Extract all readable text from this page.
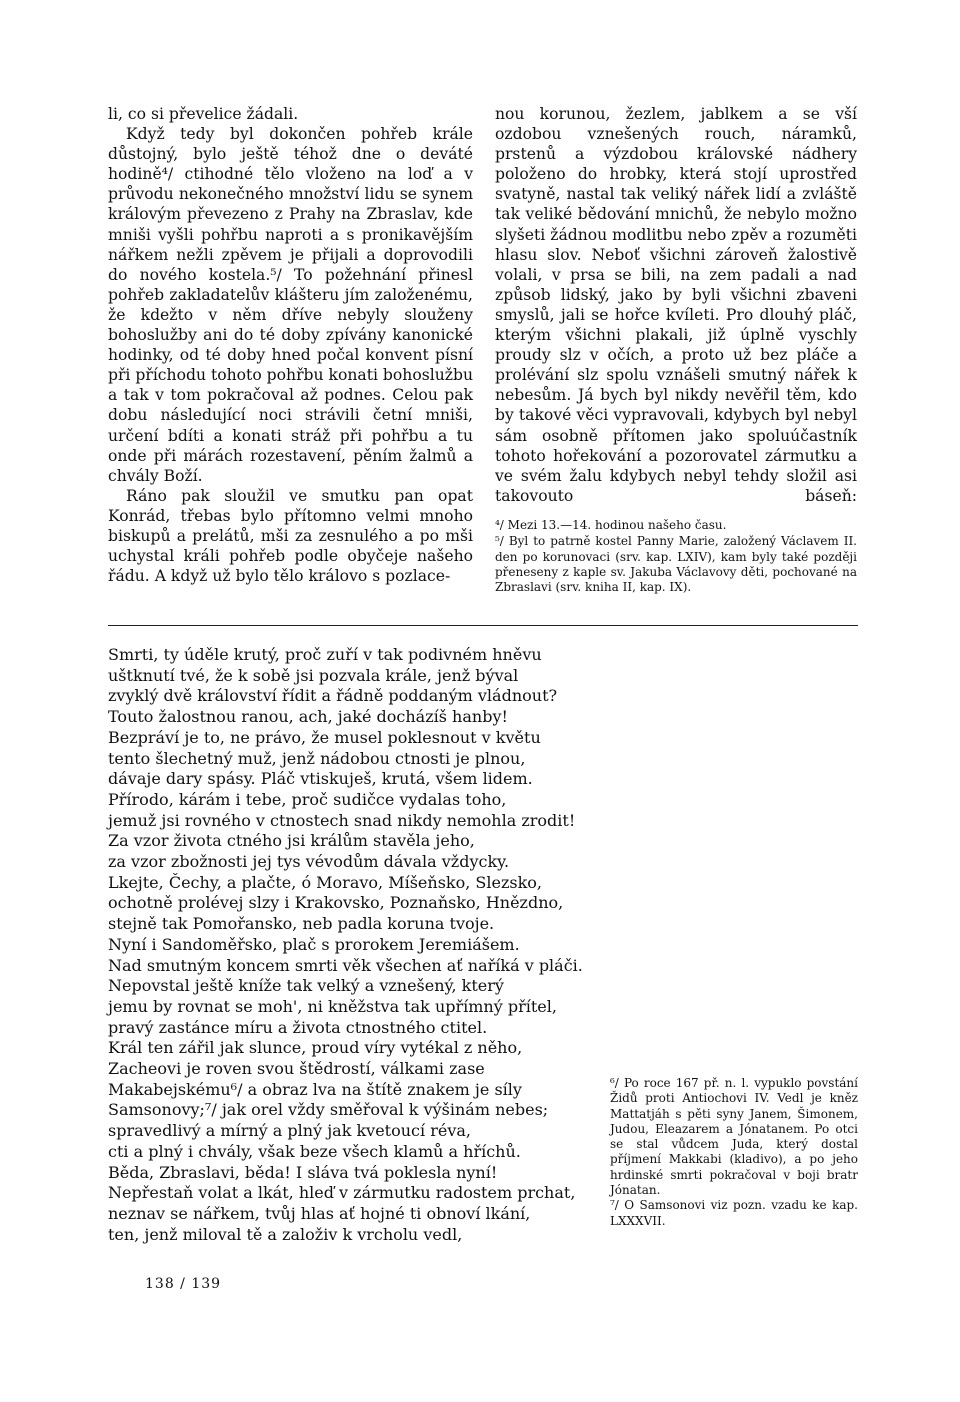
li, co si převelice žádali.

Když tedy byl dokončen pohřeb krále důstojný, bylo ještě téhož dne o deváté hodině⁴/ ctihodné tělo vloženo na loď a v průvodu nekonečného množství lidu se synem královým převezeno z Prahy na Zbraslav, kde mniši vyšli pohřbu naproti a s pronikavějším nářkem nežli zpěvem je přijali a doprovodili do nového kostela.⁵/ To požehnání přinesl pohřeb zakladatelův klášteru jím založenému, že kdežto v něm dříve nebyly slouženy bohoslužby ani do té doby zpívány kanonické hodinky, od té doby hned počal konvent písní při příchodu tohoto pohřbu konati bohoslužbu a tak v tom pokračoval až podnes. Celou pak dobu následující noci strávili četní mniši, určení bdíti a konati stráž při pohřbu a tu onde při márách rozestavení, pěním žalmů a chvály Boží.

Ráno pak sloužil ve smutku pan opat Konrád, třebas bylo přítomno velmi mnoho biskupů a prelátů, mši za zesnulého a po mši uchystal králi pohřeb podle obyčeje našeho řádu. A když už bylo tělo královo s pozlace-

nou korunou, žezlem, jablkem a se vší ozdobou vznešených rouch, náramků, prstenů a výzdobou královské nádhery položeno do hrobky, která stojí uprostřed svatyně, nastal tak veliký nářek lidí a zvláště tak veliké bědování mnichů, že nebylo možno slyšeti žádnou modlitbu nebo zpěv a rozuměti hlasu slov. Neboť všichni zároveň žalostivě volali, v prsa se bili, na zem padali a nad způsob lidský, jako by byli všichni zbaveni smyslů, jali se hořce kvíleti. Pro dlouhý pláč, kterým všichni plakali, již úplně vyschly proudy slz v očích, a proto už bez pláče a prolévání slz spolu vznášeli smutný nářek k nebesům. Já bych byl nikdy nevěřil těm, kdo by takové věci vypravovali, kdybych byl nebyl sám osobně přítomen jako spoluúčastník tohoto hořekování a pozorovatel zármutku a ve svém žalu kdybych nebyl tehdy složil asi takovouto báseň:

⁴/ Mezi 13.—14. hodinou našeho času.

⁵/ Byl to patrně kostel Panny Marie, založený Václavem II. den po korunovaci (srv. kap. LXIV), kam byly také později přeneseny z kaple sv. Jakuba Václavovy děti, pochované na Zbraslavi (srv. kniha II, kap. IX).

Smrti, ty úděle krutý, proč zuří v tak podivném hněvu
uštknutí tvé, že k sobě jsi pozvala krále, jenž býval
zvyklý dvě království řídit a řádně poddaným vládnout?
Touto žalostnou ranou, ach, jaké docházíš hanby!
Bezpráví je to, ne právo, že musel poklesnout v květu
tento šlechetný muž, jenž nádobou ctnosti je plnou,
dávaje dary spásy. Pláč vtiskuješ, krutá, všem lidem.
Přírodo, kárám i tebe, proč sudičce vydalas toho,
jemuž jsi rovného v ctnostech snad nikdy nemohla zrodit!
Za vzor života ctného jsi králům stavěla jeho,
za vzor zbožnosti jej tys vévodům dávala vždycky.
Lkejte, Čechy, a plačte, ó Moravo, Míšeňsko, Slezsko,
ochotně prolévej slzy i Krakovsko, Poznaňsko, Hnězdno,
stejně tak Pomořansko, neb padla koruna tvoje.
Nyní i Sandoměřsko, plač s prorokem Jeremiášem.
Nad smutným koncem smrti věk všechen ať naříká v pláči.
Nepovstal ještě kníže tak velký a vznešený, který
jemu by rovnat se moh', ni kněžstva tak upřímný přítel,
pravý zastánce míru a života ctnostného ctitel.
Král ten zářil jak slunce, proud víry vytékal z něho,
Zacheovi je roven svou štědrostí, válkami zase
Makabejskému⁶/ a obraz lva na štítě znakem je síly
Samsonovy;⁷/ jak orel vždy směřoval k výšinám nebes;
spravedlivý a mírný a plný jak kvetoucí réva,
cti a plný i chvály, však beze všech klamů a hříchů.
Běda, Zbraslavi, běda! I sláva tvá poklesla nyní!
Nepřestaň volat a lkát, hleď v zármutku radostem prchat,
neznav se nářkem, tvůj hlas ať hojné ti obnoví lkání,
ten, jenž miloval tě a založiv k vrcholu vedl,

⁶/ Po roce 167 př. n. l. vypuklo povstání Židů proti Antiochovi IV. Vedl je kněz Mattatjáh s pěti syny Janem, Šimonem, Judou, Eleazarem a Jónatanem. Po otci se stal vůdcem Juda, který dostal příjmení Makkabi (kladivo), a po jeho hrdinské smrti pokračoval v boji bratr Jónatan.

⁷/ O Samsonovi viz pozn. vzadu ke kap. LXXXVII.

138 / 139
